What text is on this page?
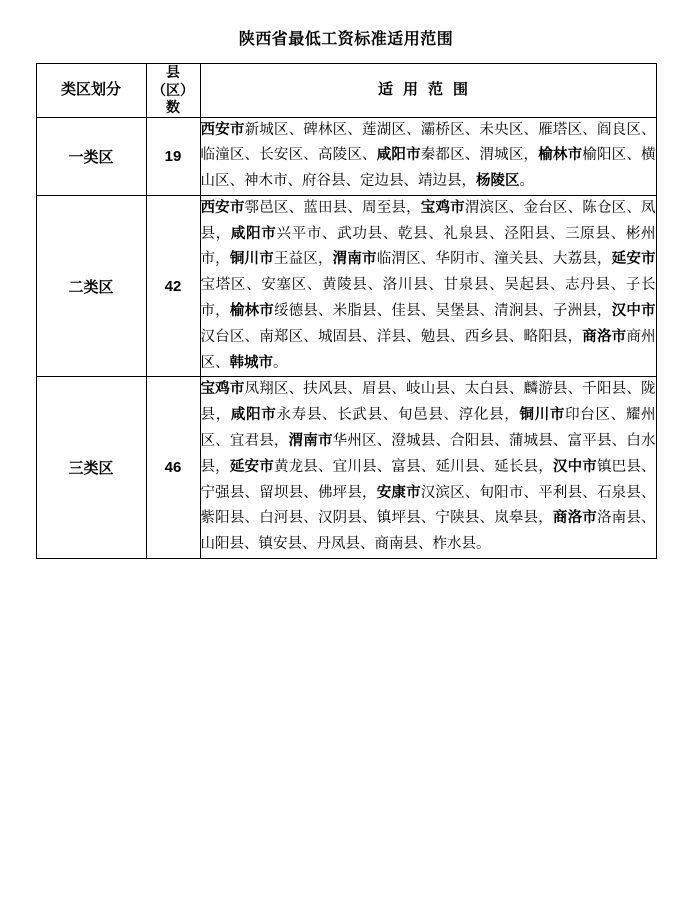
陕西省最低工资标准适用范围
类区划分	县
（区）
数	适用范围
一类区	19	西安市新城区、碑林区、莲湖区、灞桥区、未央区、雁塔区、阎良区、临潼区、长安区、高陵区、咸阳市秦都区、渭城区，榆林市榆阳区、横山区、神木市、府谷县、定边县、靖边县，杨陵区。
二类区	42	西安市鄠邑区、蓝田县、周至县，宝鸡市渭滨区、金台区、陈仓区、凤县，咸阳市兴平市、武功县、乾县、礼泉县、泾阳县、三原县、彬州市，铜川市王益区，渭南市临渭区、华阴市、潼关县、大荔县，延安市宝塔区、安塞区、黄陵县、洛川县、甘泉县、吴起县、志丹县、子长市，榆林市绥德县、米脂县、佳县、吴堡县、清涧县、子洲县，汉中市汉台区、南郑区、城固县、洋县、勉县、西乡县、略阳县，商洛市商州区、韩城市。
三类区	46	宝鸡市凤翔区、扶风县、眉县、岐山县、太白县、麟游县、千阳县、陇县，咸阳市永寿县、长武县、旬邑县、淳化县，铜川市印台区、耀州区、宜君县，渭南市华州区、澄城县、合阳县、蒲城县、富平县、白水县，延安市黄龙县、宜川县、富县、延川县、延长县，汉中市镇巴县、宁强县、留坝县、佛坪县，安康市汉滨区、旬阳市、平利县、石泉县、紫阳县、白河县、汉阴县、镇坪县、宁陕县、岚皋县，商洛市洛南县、山阳县、镇安县、丹凤县、商南县、柞水县。
